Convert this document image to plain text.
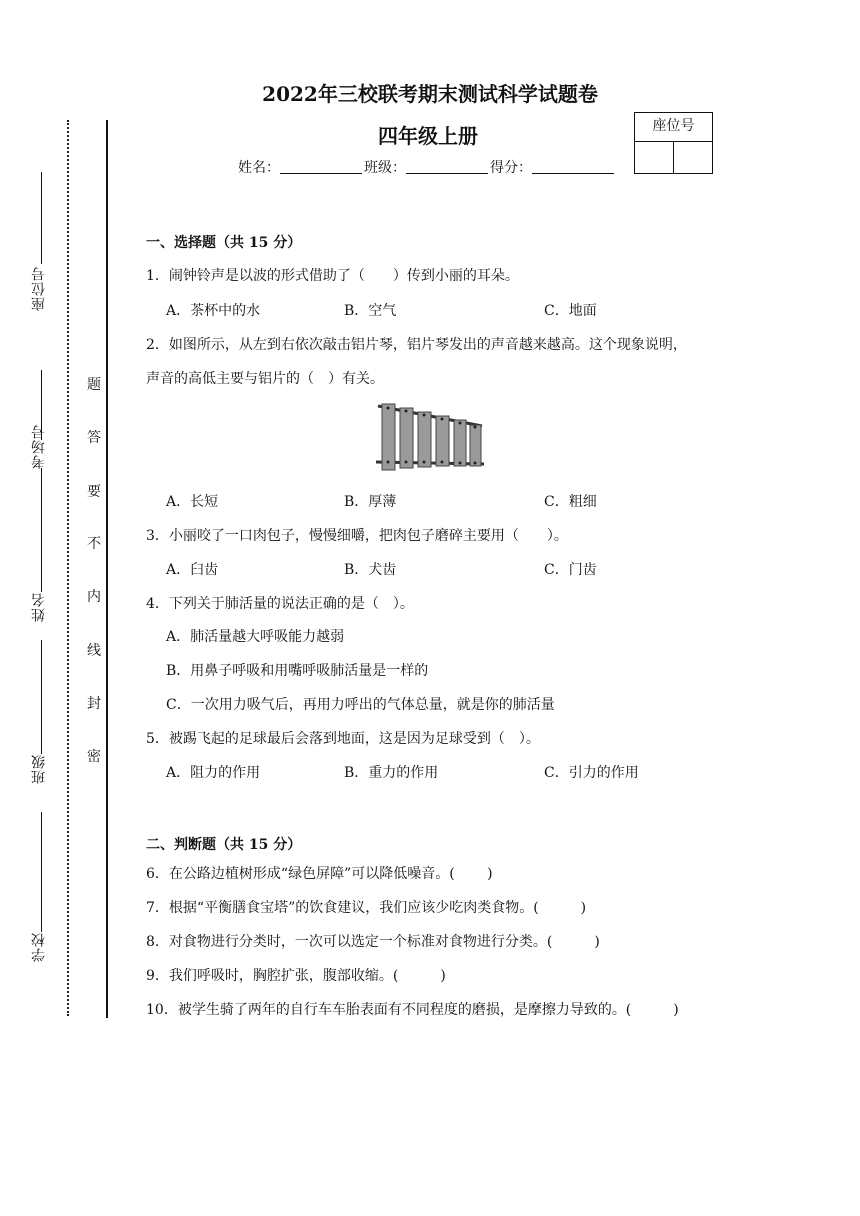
座位号
考场号
姓名
班级
学校
题
答
要
不
内
线
封
密
2022年三校联考期末测试科学试题卷
四年级上册
姓名：	班级：	得分：
座位号
一、选择题（共 15 分）
1．闹钟铃声是以波的形式借助了（　　）传到小丽的耳朵。
A．茶杯中的水	B．空气	C．地面
2．如图所示，从左到右依次敲击铝片琴，铝片琴发出的声音越来越高。这个现象说明，
声音的高低主要与铝片的（　）有关。
A．长短	B．厚薄	C．粗细
3．小丽咬了一口肉包子，慢慢细嚼，把肉包子磨碎主要用（　　）。
A．臼齿	B．犬齿	C．门齿
4．下列关于肺活量的说法正确的是（　）。
A．肺活量越大呼吸能力越弱
B．用鼻子呼吸和用嘴呼吸肺活量是一样的
C．一次用力吸气后，再用力呼出的气体总量，就是你的肺活量
5．被踢飞起的足球最后会落到地面，这是因为足球受到（　）。
A．阻力的作用	B．重力的作用	C．引力的作用
二、判断题（共 15 分）
6．在公路边植树形成“绿色屏障”可以降低噪音。(　　 )
7．根据“平衡膳食宝塔”的饮食建议，我们应该少吃肉类食物。(　　　)
8．对食物进行分类时，一次可以选定一个标准对食物进行分类。(　　　)
9．我们呼吸时，胸腔扩张，腹部收缩。(　　　)
10．被学生骑了两年的自行车车胎表面有不同程度的磨损，是摩擦力导致的。(　　　)
